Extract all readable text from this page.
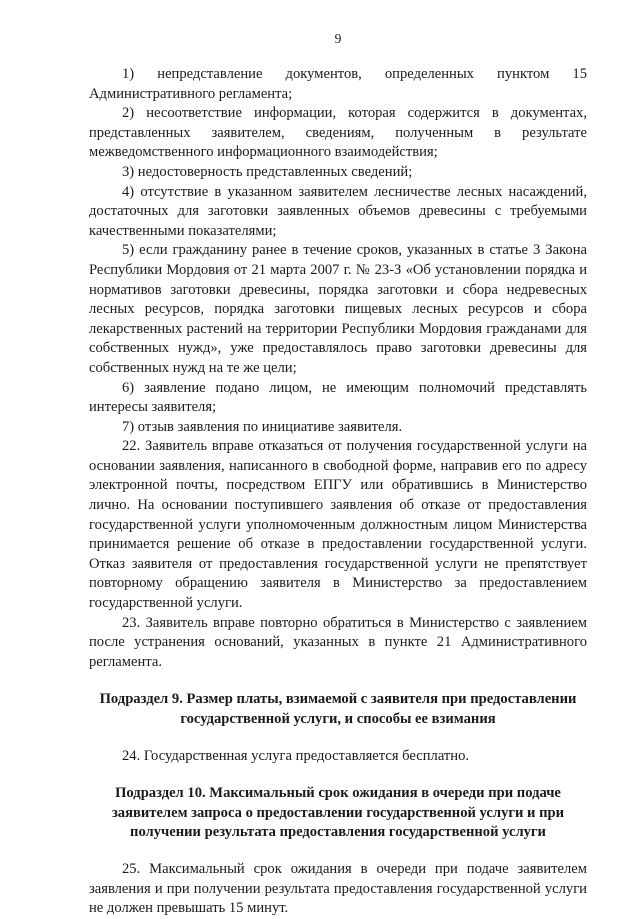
9

1) непредставление документов, определенных пунктом 15 Административного регламента;

2) несоответствие информации, которая содержится в документах, представленных заявителем, сведениям, полученным в результате межведомственного информационного взаимодействия;

3) недостоверность представленных сведений;

4) отсутствие в указанном заявителем лесничестве лесных насаждений, достаточных для заготовки заявленных объемов древесины с требуемыми качественными показателями;

5) если гражданину ранее в течение сроков, указанных в статье 3 Закона Республики Мордовия от 21 марта 2007 г. № 23-З «Об установлении порядка и нормативов заготовки древесины, порядка заготовки и сбора недревесных лесных ресурсов, порядка заготовки пищевых лесных ресурсов и сбора лекарственных растений на территории Республики Мордовия гражданами для собственных нужд», уже предоставлялось право заготовки древесины для собственных нужд на те же цели;

6) заявление подано лицом, не имеющим полномочий представлять интересы заявителя;

7) отзыв заявления по инициативе заявителя.

22. Заявитель вправе отказаться от получения государственной услуги на основании заявления, написанного в свободной форме, направив его по адресу электронной почты, посредством ЕПГУ или обратившись в Министерство лично. На основании поступившего заявления об отказе от предоставления государственной услуги уполномоченным должностным лицом Министерства принимается решение об отказе в предоставлении государственной услуги. Отказ заявителя от предоставления государственной услуги не препятствует повторному обращению заявителя в Министерство за предоставлением государственной услуги.

23. Заявитель вправе повторно обратиться в Министерство с заявлением после устранения оснований, указанных в пункте 21 Административного регламента.

Подраздел 9. Размер платы, взимаемой с заявителя при предоставлении государственной услуги, и способы ее взимания

24. Государственная услуга предоставляется бесплатно.

Подраздел 10. Максимальный срок ожидания в очереди при подаче заявителем запроса о предоставлении государственной услуги и при получении результата предоставления государственной услуги

25. Максимальный срок ожидания в очереди при подаче заявителем заявления и при получении результата предоставления государственной услуги не должен превышать 15 минут.
